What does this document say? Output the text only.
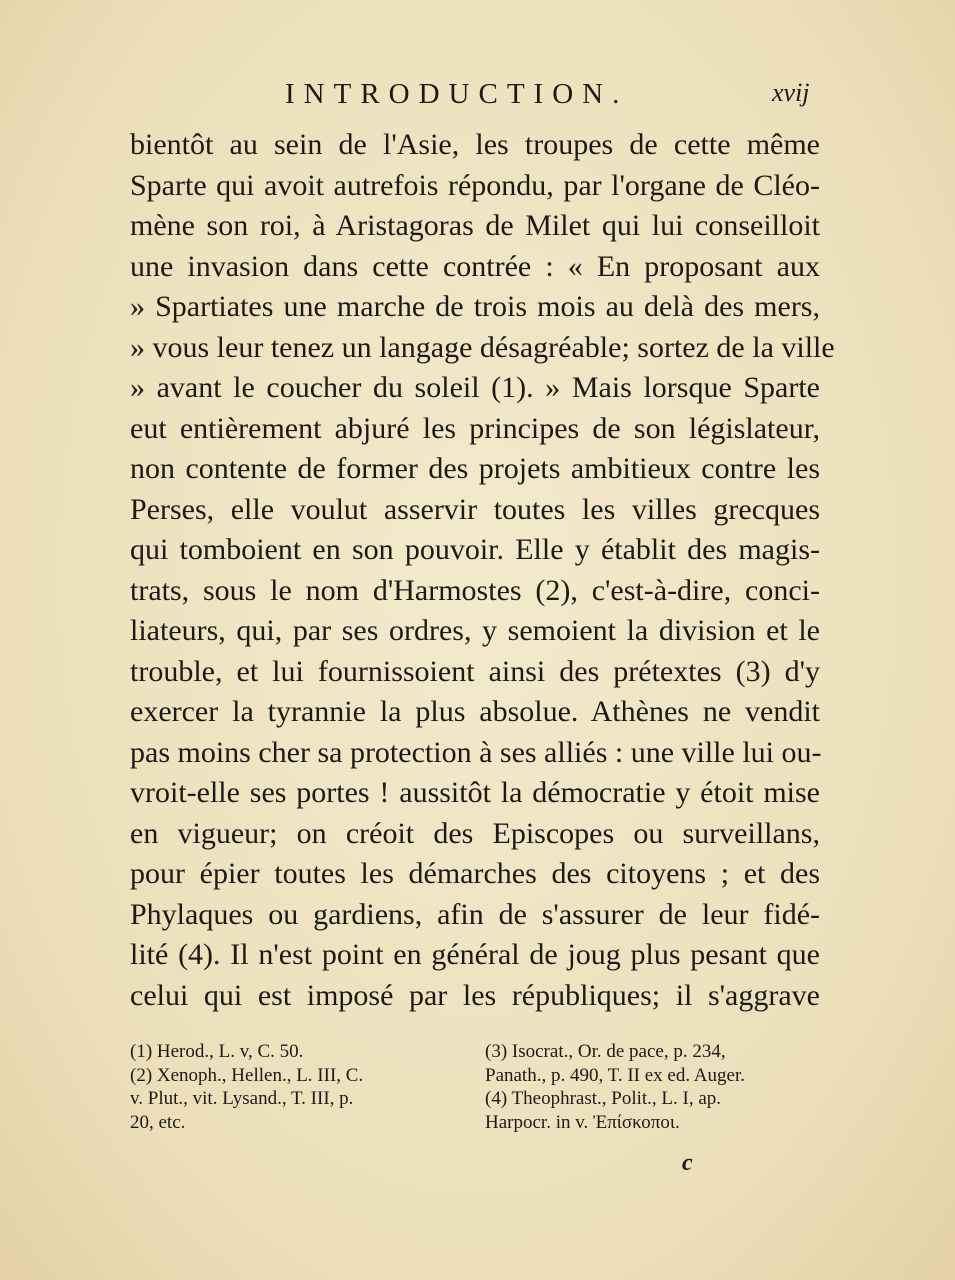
INTRODUCTION.	xvij
bientôt au sein de l'Asie, les troupes de cette même
Sparte qui avoit autrefois répondu, par l'organe de Cléo-
mène son roi, à Aristagoras de Milet qui lui conseilloit
une invasion dans cette contrée : « En proposant aux
» Spartiates une marche de trois mois au delà des mers,
» vous leur tenez un langage désagréable; sortez de la ville
» avant le coucher du soleil (1). » Mais lorsque Sparte
eut entièrement abjuré les principes de son législateur,
non contente de former des projets ambitieux contre les
Perses, elle voulut asservir toutes les villes grecques
qui tomboient en son pouvoir. Elle y établit des magis-
trats, sous le nom d'Harmostes (2), c'est-à-dire, conci-
liateurs, qui, par ses ordres, y semoient la division et le
trouble, et lui fournissoient ainsi des prétextes (3) d'y
exercer la tyrannie la plus absolue. Athènes ne vendit
pas moins cher sa protection à ses alliés : une ville lui ou-
vroit-elle ses portes ! aussitôt la démocratie y étoit mise
en vigueur; on créoit des Episcopes ou surveillans,
pour épier toutes les démarches des citoyens ; et des
Phylaques ou gardiens, afin de s'assurer de leur fidé-
lité (4). Il n'est point en général de joug plus pesant que
celui qui est imposé par les républiques; il s'aggrave
(1) Herod., L. v, C. 50.
(2) Xenoph., Hellen., L. III, C.
v. Plut., vit. Lysand., T. III, p.
20, etc.
(3) Isocrat., Or. de pace, p. 234,
Panath., p. 490, T. II ex ed. Auger.
(4) Theophrast., Polit., L. I, ap.
Harpocr. in v. Ἐπίσκοποι.
c
